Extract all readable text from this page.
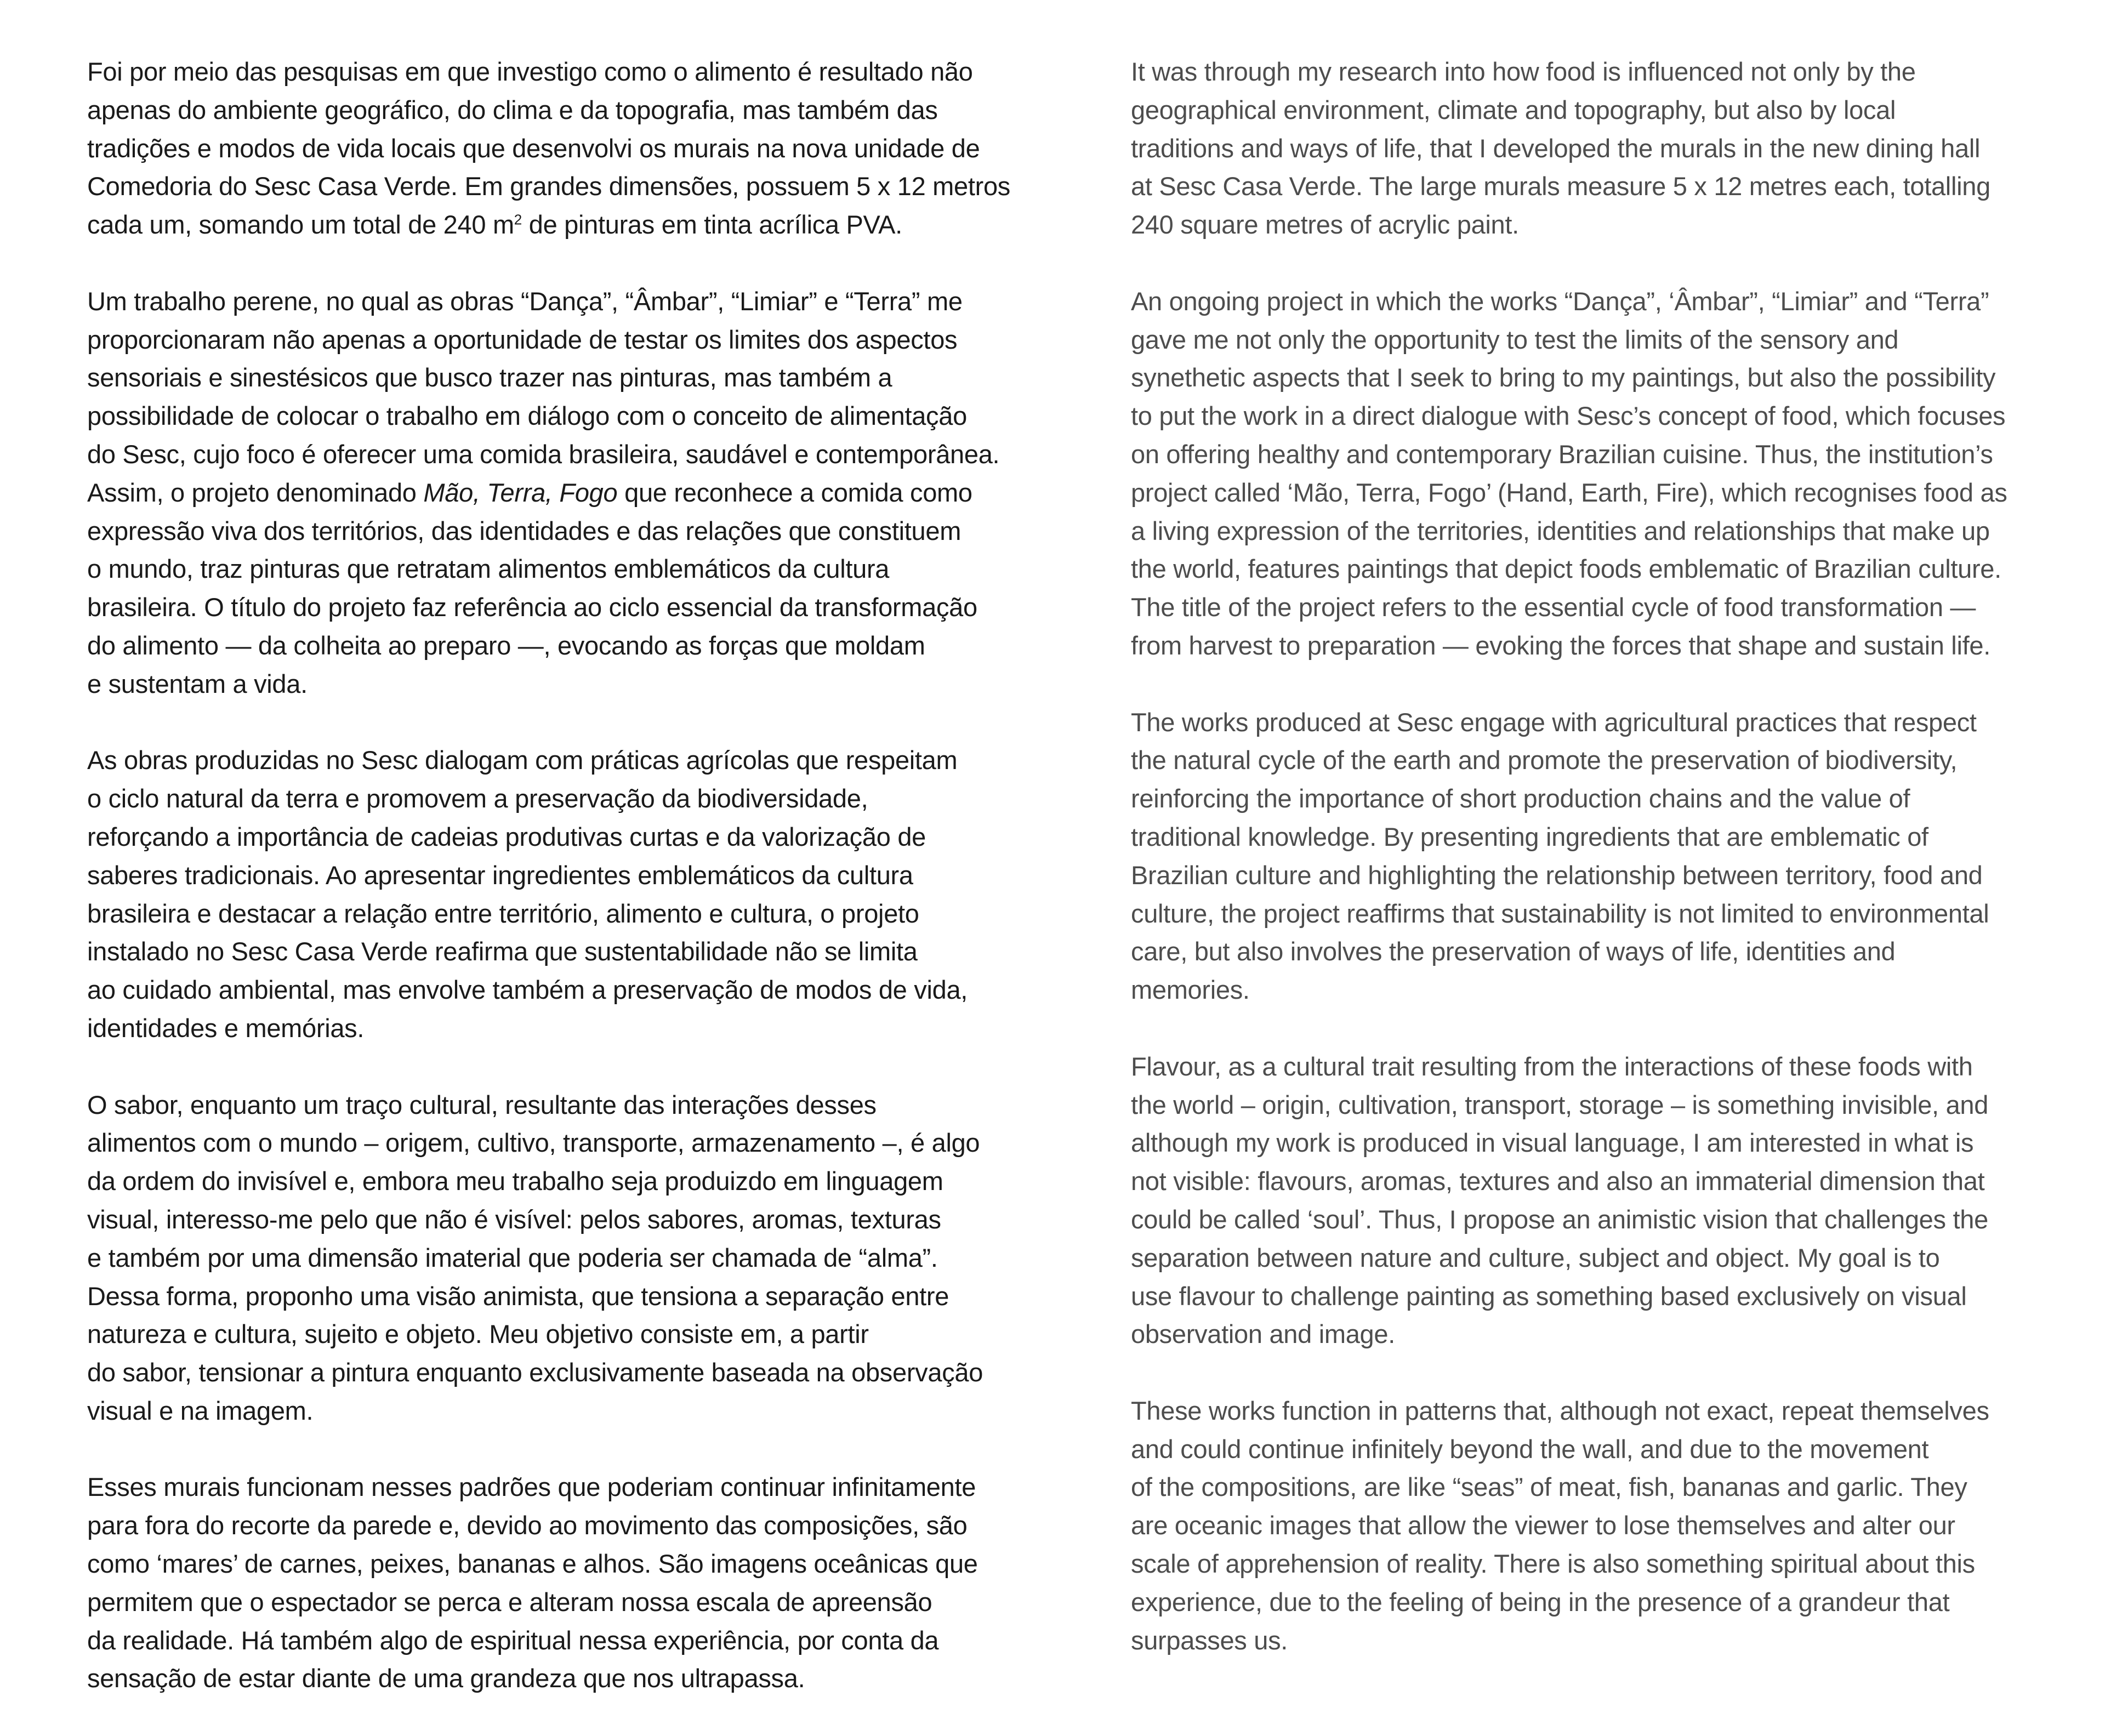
Foi por meio das pesquisas em que investigo como o alimento é resultado não
apenas do ambiente geográfico, do clima e da topografia, mas também das
tradições e modos de vida locais que desenvolvi os murais na nova unidade de
Comedoria do Sesc Casa Verde. Em grandes dimensões, possuem 5 x 12 metros
cada um, somando um total de 240 $m^2$ de pinturas em tinta acrílica PVA.

Um trabalho perene, no qual as obras “Dança”, “Âmbar”, “Limiar” e “Terra” me
proporcionaram não apenas a oportunidade de testar os limites dos aspectos
sensoriais e sinestésicos que busco trazer nas pinturas, mas também a
possibilidade de colocar o trabalho em diálogo com o conceito de alimentação
do Sesc, cujo foco é oferecer uma comida brasileira, saudável e contemporânea.
Assim, o projeto denominado Mão, Terra, Fogo que reconhece a comida como
expressão viva dos territórios, das identidades e das relações que constituem
o mundo, traz pinturas que retratam alimentos emblemáticos da cultura
brasileira. O título do projeto faz referência ao ciclo essencial da transformação
do alimento — da colheita ao preparo —, evocando as forças que moldam
e sustentam a vida.

As obras produzidas no Sesc dialogam com práticas agrícolas que respeitam
o ciclo natural da terra e promovem a preservação da biodiversidade,
reforçando a importância de cadeias produtivas curtas e da valorização de
saberes tradicionais. Ao apresentar ingredientes emblemáticos da cultura
brasileira e destacar a relação entre território, alimento e cultura, o projeto
instalado no Sesc Casa Verde reafirma que sustentabilidade não se limita
ao cuidado ambiental, mas envolve também a preservação de modos de vida,
identidades e memórias.

O sabor, enquanto um traço cultural, resultante das interações desses
alimentos com o mundo – origem, cultivo, transporte, armazenamento –, é algo
da ordem do invisível e, embora meu trabalho seja produizdo em linguagem
visual, interesso-me pelo que não é visível: pelos sabores, aromas, texturas
e também por uma dimensão imaterial que poderia ser chamada de “alma”.
Dessa forma, proponho uma visão animista, que tensiona a separação entre
natureza e cultura, sujeito e objeto. Meu objetivo consiste em, a partir
do sabor, tensionar a pintura enquanto exclusivamente baseada na observação
visual e na imagem.

Esses murais funcionam nesses padrões que poderiam continuar infinitamente
para fora do recorte da parede e, devido ao movimento das composições, são
como ‘mares’ de carnes, peixes, bananas e alhos. São imagens oceânicas que
permitem que o espectador se perca e alteram nossa escala de apreensão
da realidade. Há também algo de espiritual nessa experiência, por conta da
sensação de estar diante de uma grandeza que nos ultrapassa.

It was through my research into how food is influenced not only by the
geographical environment, climate and topography, but also by local
traditions and ways of life, that I developed the murals in the new dining hall
at Sesc Casa Verde. The large murals measure 5 x 12 metres each, totalling
240 square metres of acrylic paint.

An ongoing project in which the works “Dança”, ‘Âmbar”, “Limiar” and “Terra”
gave me not only the opportunity to test the limits of the sensory and
synethetic aspects that I seek to bring to my paintings, but also the possibility
to put the work in a direct dialogue with Sesc’s concept of food, which focuses
on offering healthy and contemporary Brazilian cuisine. Thus, the institution’s
project called ‘Mão, Terra, Fogo’ (Hand, Earth, Fire), which recognises food as
a living expression of the territories, identities and relationships that make up
the world, features paintings that depict foods emblematic of Brazilian culture.
The title of the project refers to the essential cycle of food transformation —
from harvest to preparation — evoking the forces that shape and sustain life.

The works produced at Sesc engage with agricultural practices that respect
the natural cycle of the earth and promote the preservation of biodiversity,
reinforcing the importance of short production chains and the value of
traditional knowledge. By presenting ingredients that are emblematic of
Brazilian culture and highlighting the relationship between territory, food and
culture, the project reaffirms that sustainability is not limited to environmental
care, but also involves the preservation of ways of life, identities and
memories.

Flavour, as a cultural trait resulting from the interactions of these foods with
the world – origin, cultivation, transport, storage – is something invisible, and
although my work is produced in visual language, I am interested in what is
not visible: flavours, aromas, textures and also an immaterial dimension that
could be called ‘soul’. Thus, I propose an animistic vision that challenges the
separation between nature and culture, subject and object. My goal is to
use flavour to challenge painting as something based exclusively on visual
observation and image.

These works function in patterns that, although not exact, repeat themselves
and could continue infinitely beyond the wall, and due to the movement
of the compositions, are like “seas” of meat, fish, bananas and garlic. They
are oceanic images that allow the viewer to lose themselves and alter our
scale of apprehension of reality. There is also something spiritual about this
experience, due to the feeling of being in the presence of a grandeur that
surpasses us.
